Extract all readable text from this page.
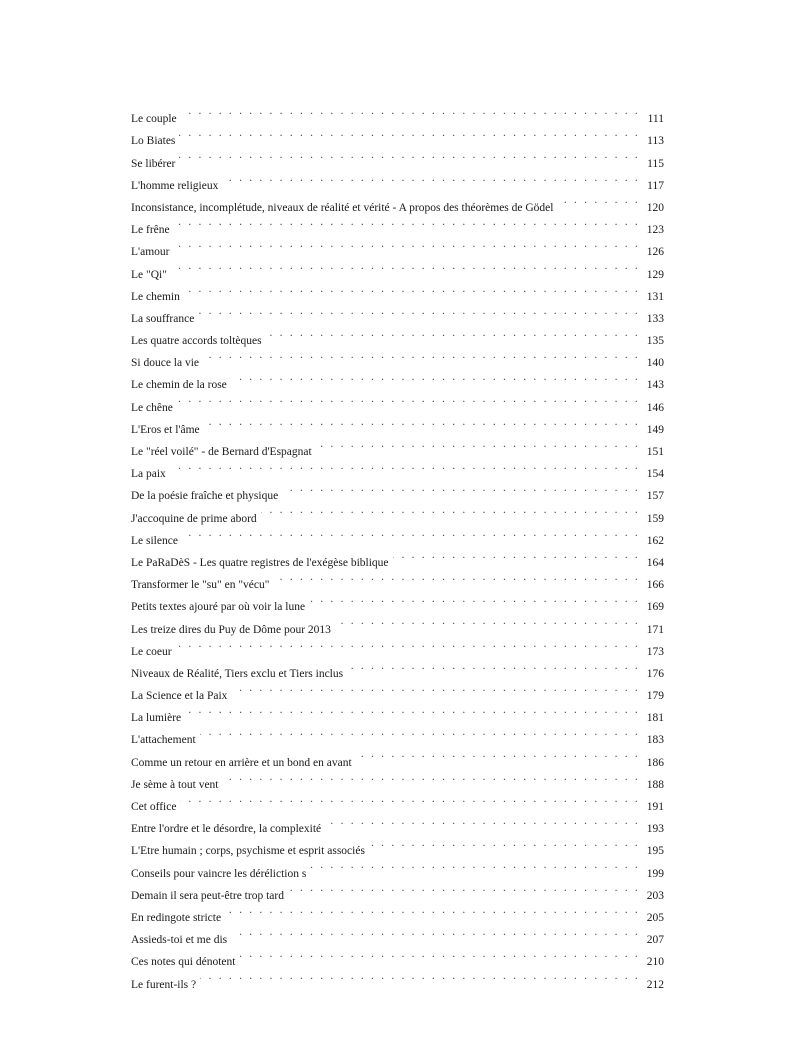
Le couple . . .	111
Lo Biates . . .	113
Se libérer . . .	115
L'homme religieux . . .	117
Inconsistance, incomplétude, niveaux de réalité et vérité - A propos des théorèmes de Gödel . . .	120
Le frêne . . .	123
L'amour . . .	126
Le "Qi" . . .	129
Le chemin . . .	131
La souffrance . . .	133
Les quatre accords toltèques . . .	135
Si douce la vie . . .	140
Le chemin de la rose . . .	143
Le chêne . . .	146
L'Eros et l'âme . . .	149
Le "réel voilé" - de Bernard d'Espagnat . . .	151
La paix . . .	154
De la poésie fraîche et physique . . .	157
J'accoquine de prime abord . . .	159
Le silence . . .	162
Le PaRaDèS - Les quatre registres de l'exégèse biblique . . .	164
Transformer le "su" en "vécu" . . .	166
Petits textes ajouré par où voir la lune . . .	169
Les treize dires du Puy de Dôme pour 2013 . . .	171
Le coeur . . .	173
Niveaux de Réalité, Tiers exclu et Tiers inclus . . .	176
La Science et la Paix . . .	179
La lumière . . .	181
L'attachement . . .	183
Comme un retour en arrière et un bond en avant . . .	186
Je sème à tout vent . . .	188
Cet office . . .	191
Entre l'ordre et le désordre, la complexité . . .	193
L'Etre humain ; corps, psychisme et esprit associés . . .	195
Conseils pour vaincre les déréliction s . . .	199
Demain il sera peut-être trop tard . . .	203
En redingote stricte . . .	205
Assieds-toi et me dis . . .	207
Ces notes qui dénotent . . .	210
Le furent-ils ? . . .	212
